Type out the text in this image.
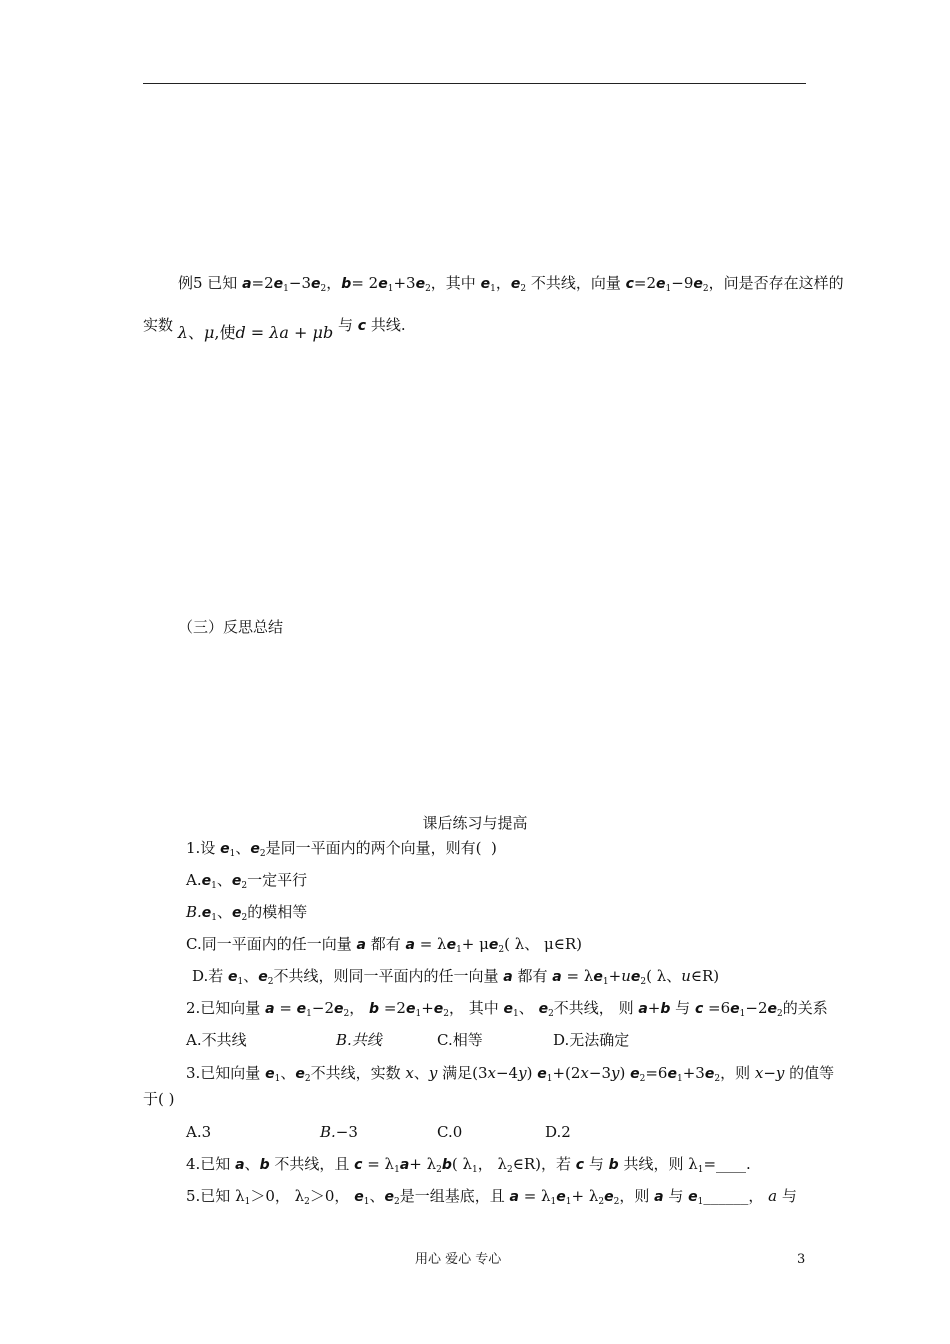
例5 已知 $a=2e_1-3e_2$，$b= 2e_1+3e_2$，其中 $e_1$，$e_2$ 不共线，向量 $c=2e_1-9e_2$，问是否存在这样的
实数 λ、μ,使d = λa + μb 与 c 共线.
（三）反思总结
课后练习与提高
1.设 $e_1$、$e_2$是同一平面内的两个向量，则有(  )
$A.e_1$、$e_2$一定平行
$B.e_1$、$e_2$的模相等
C.同一平面内的任一向量 a 都有 $a = \lambda e_1+ \mu e_2$( λ、 μ∈R)
D.若 $e_1$、$e_2$不共线，则同一平面内的任一向量 a 都有 $a = \lambda e_1+ue_2$( λ、u∈R)
2.已知向量 $a = e_1-2e_2$， $b =2e_1+e_2$， 其中 $e_1$、 $e_2$不共线， 则 a+b 与 $c =6e_1-2e_2$的关系
A.不共线	B.共线	C.相等	D.无法确定
3.已知向量 $e_1$、$e_2$不共线，实数 x、y 满足(3x−4y) $e_1+(2x-3y)$ $e_2=6e_1+3e_2$，则 x−y 的值等
于( )
A.3	B.−3	C.0	D.2
4.已知 a、b 不共线，且 $c = \lambda_1a+ \lambda_2b$( $\lambda_1$， $\lambda_2\in R$)，若 c 与 b 共线，则 $\lambda_1=\_\_\_\_$.
5.已知 $\lambda_1>0$， $\lambda_2>0$， $e_1$、$e_2$是一组基底，且 $a = \lambda_1e_1+ \lambda_2e_2$，则 a 与 $e_1\_\_\_\_\_\_$， a 与
用心 爱心 专心	3
